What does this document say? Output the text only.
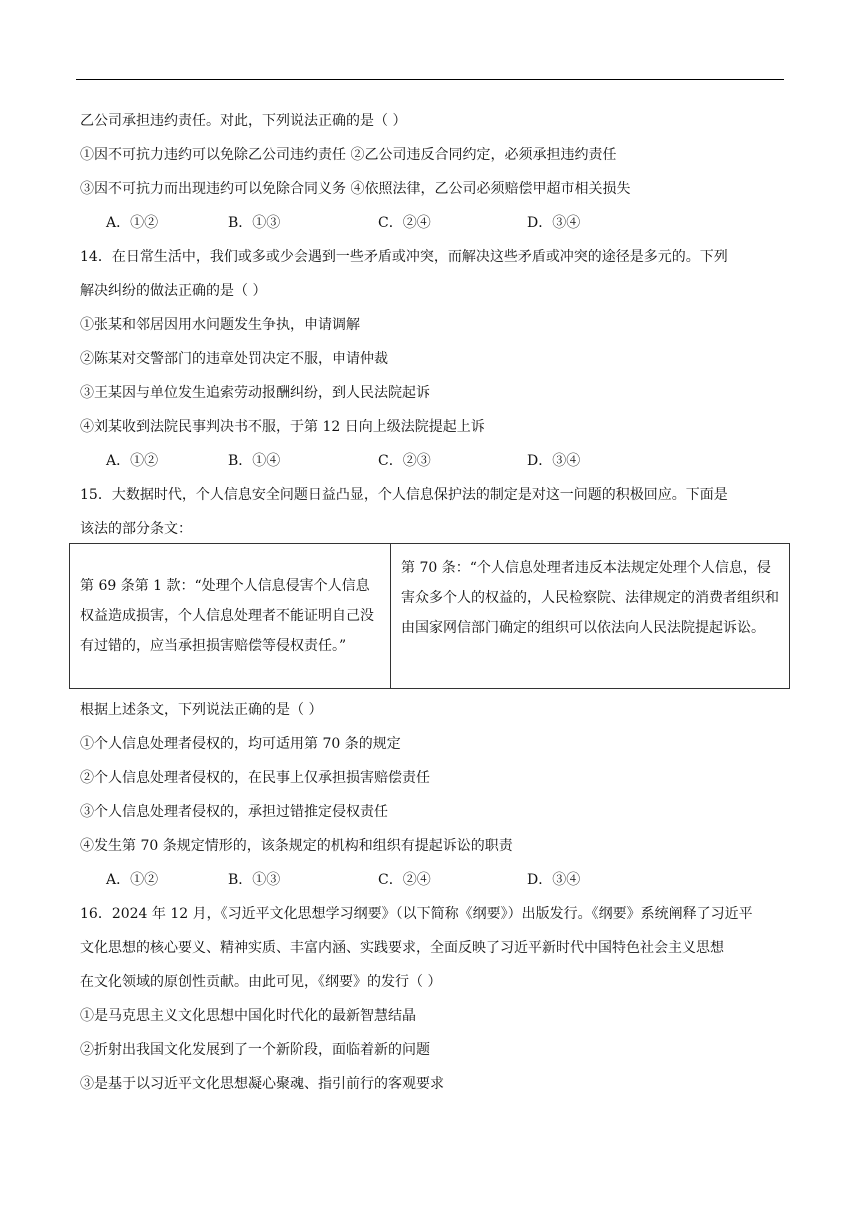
乙公司承担违约责任。对此，下列说法正确的是（ ）
①因不可抗力违约可以免除乙公司违约责任 ②乙公司违反合同约定，必须承担违约责任
③因不可抗力而出现违约可以免除合同义务 ④依照法律，乙公司必须赔偿甲超市相关损失
A．①②	B．①③	C．②④	D．③④
14．在日常生活中，我们或多或少会遇到一些矛盾或冲突，而解决这些矛盾或冲突的途径是多元的。下列
解决纠纷的做法正确的是（ ）
①张某和邻居因用水问题发生争执，申请调解
②陈某对交警部门的违章处罚决定不服，申请仲裁
③王某因与单位发生追索劳动报酬纠纷，到人民法院起诉
④刘某收到法院民事判决书不服，于第 12 日向上级法院提起上诉
A．①②	B．①④	C．②③	D．③④
15．大数据时代，个人信息安全问题日益凸显，个人信息保护法的制定是对这一问题的积极回应。下面是
该法的部分条文：
第 69 条第 1 款：“处理个人信息侵害个人信息权益造成损害，个人信息处理者不能证明自己没有过错的，应当承担损害赔偿等侵权责任。”
第 70 条：“个人信息处理者违反本法规定处理个人信息，侵害众多个人的权益的，人民检察院、法律规定的消费者组织和由国家网信部门确定的组织可以依法向人民法院提起诉讼。
根据上述条文，下列说法正确的是（ ）
①个人信息处理者侵权的，均可适用第 70 条的规定
②个人信息处理者侵权的，在民事上仅承担损害赔偿责任
③个人信息处理者侵权的，承担过错推定侵权责任
④发生第 70 条规定情形的，该条规定的机构和组织有提起诉讼的职责
A．①②	B．①③	C．②④	D．③④
16．2024 年 12 月，《习近平文化思想学习纲要》（以下简称《纲要》）出版发行。《纲要》系统阐释了习近平
文化思想的核心要义、精神实质、丰富内涵、实践要求，全面反映了习近平新时代中国特色社会主义思想
在文化领域的原创性贡献。由此可见，《纲要》的发行（ ）
①是马克思主义文化思想中国化时代化的最新智慧结晶
②折射出我国文化发展到了一个新阶段，面临着新的问题
③是基于以习近平文化思想凝心聚魂、指引前行的客观要求
